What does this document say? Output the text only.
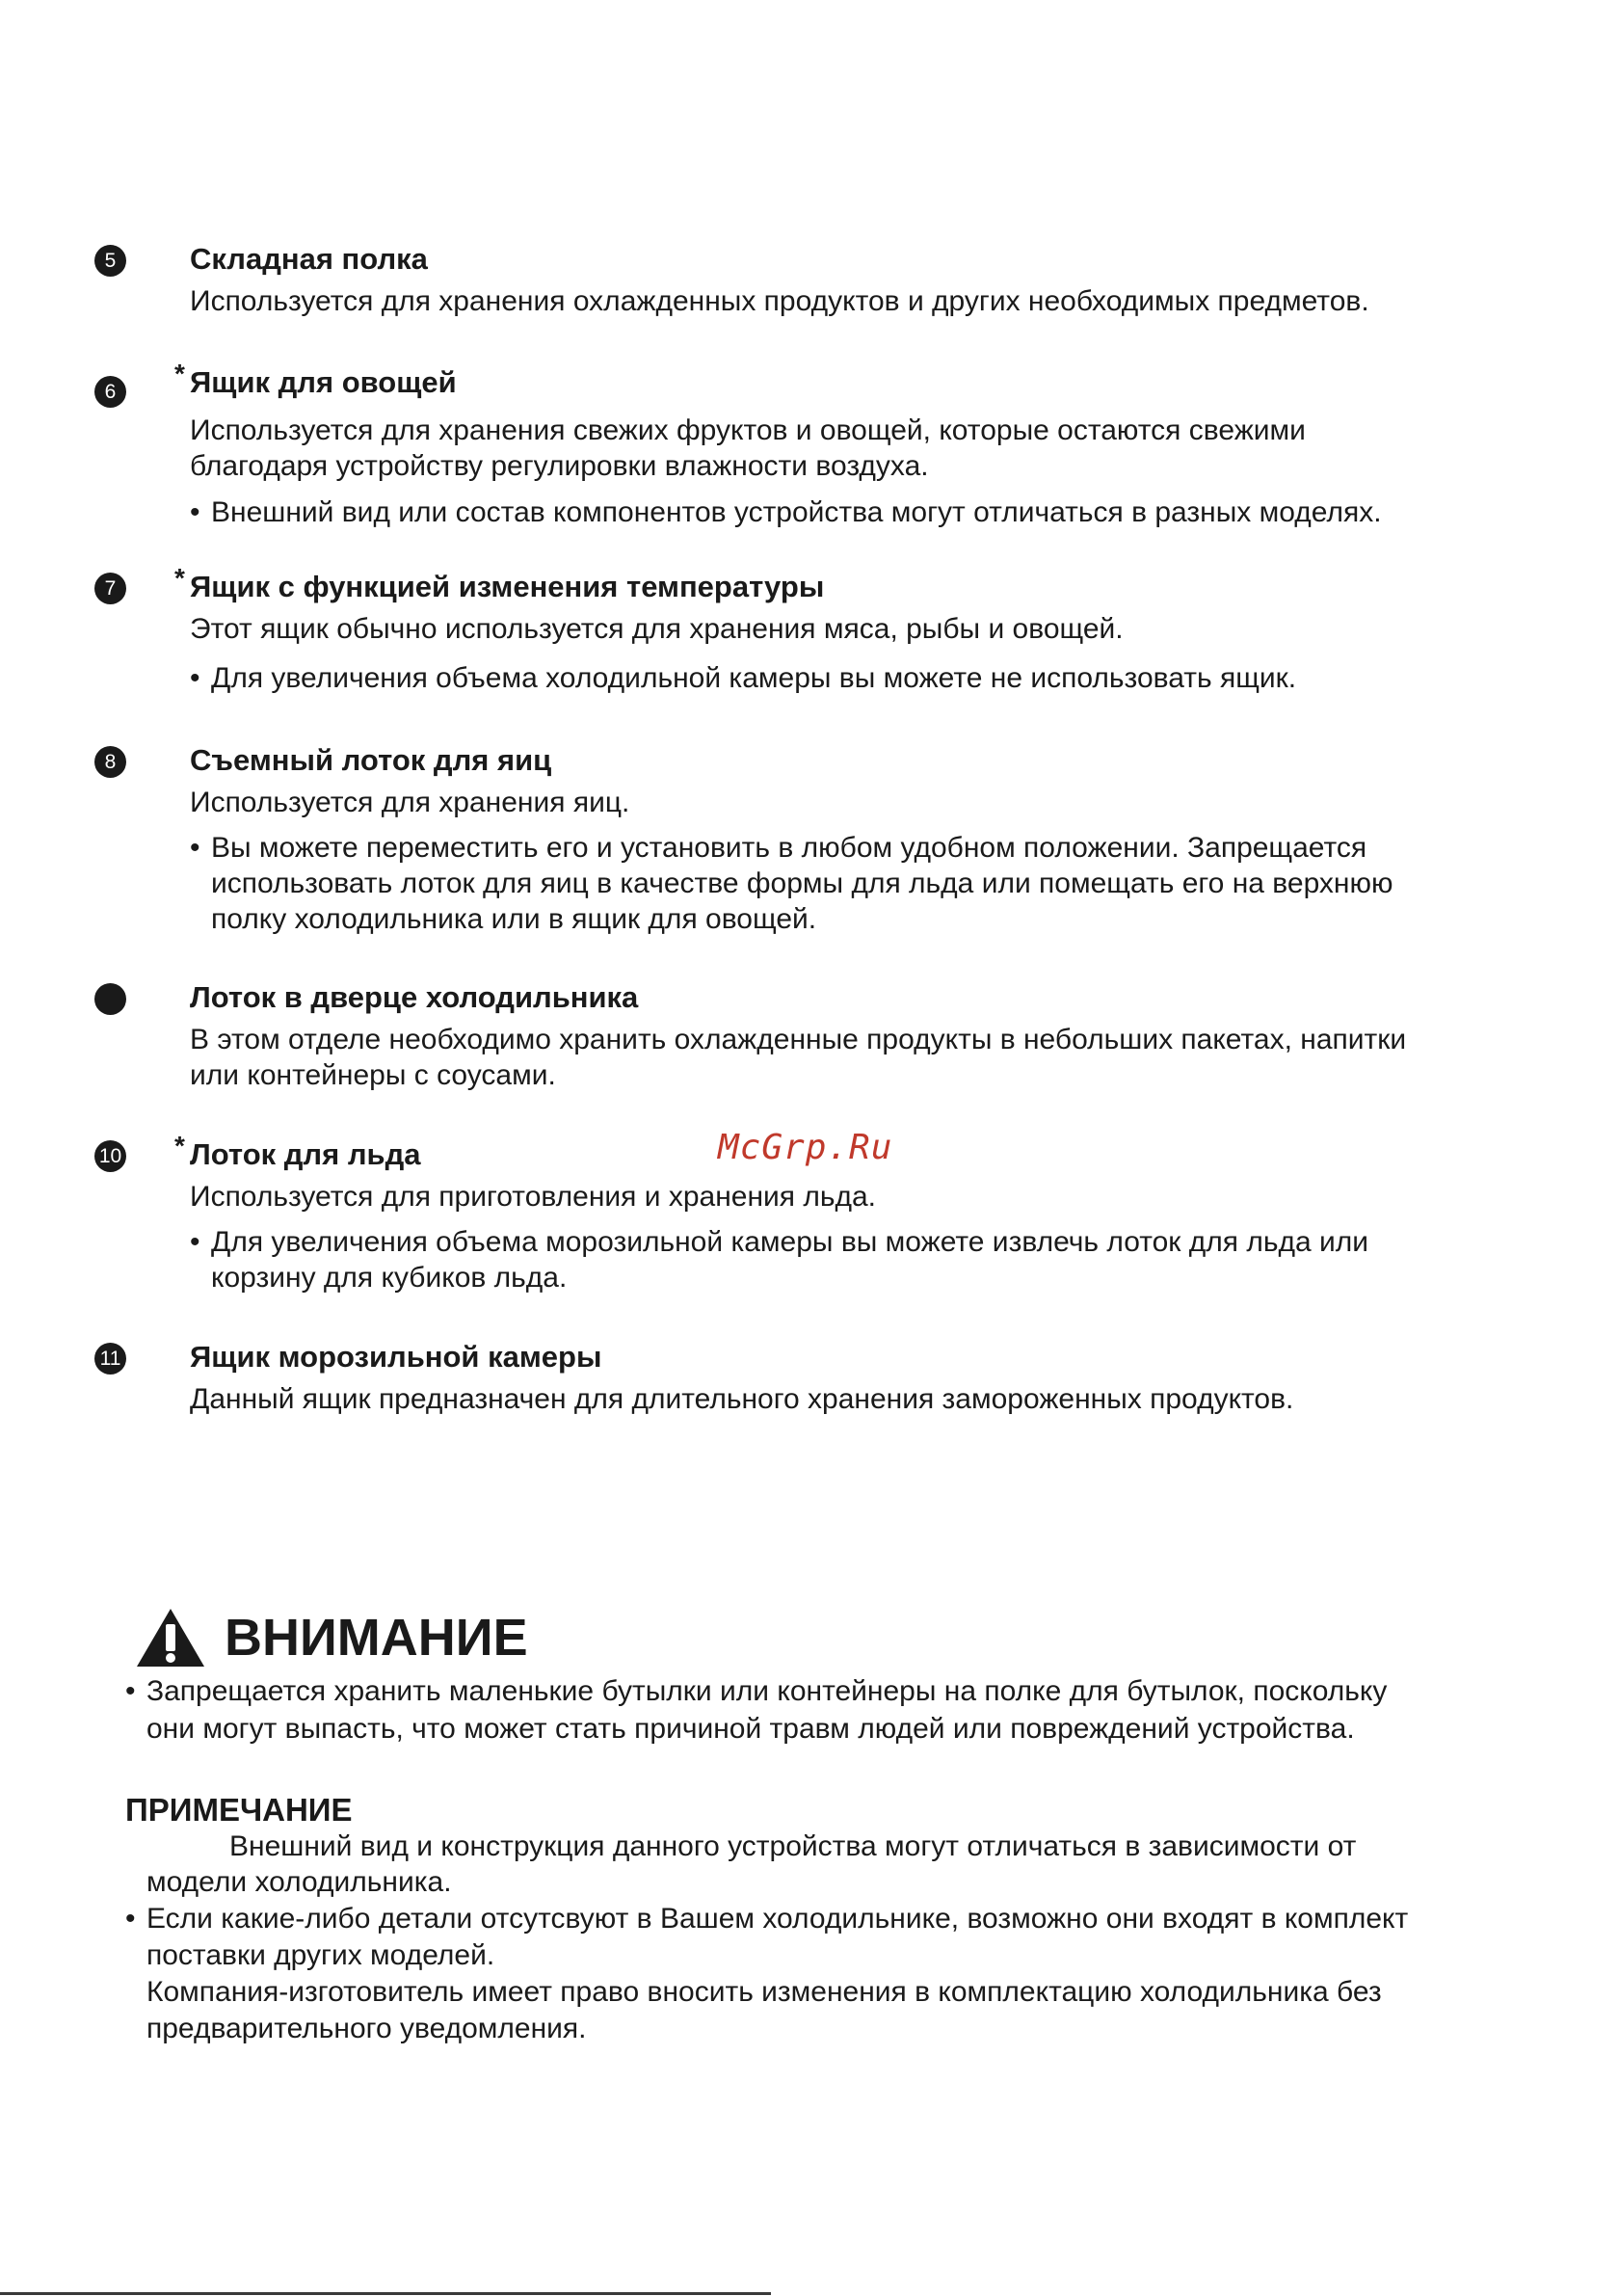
5	Складная полка
Используется для хранения охлажденных продуктов и других необходимых предметов.
6
* Ящик для овощей
Используется для хранения свежих фруктов и овощей, которые остаются свежими
благодаря устройству регулировки влажности воздуха.
• Внешний вид или состав компонентов устройства могут отличаться в разных моделях.
7	* Ящик с функцией изменения температуры
Этот ящик обычно используется для хранения мяса, рыбы и овощей.
• Для увеличения объема холодильной камеры вы можете не использовать ящик.
8	Съемный лоток для яиц
Используется для хранения яиц.
• Вы можете переместить его и установить в любом удобном положении. Запрещается
использовать лоток для яиц в качестве формы для льда или помещать его на верхнюю
полку холодильника или в ящик для овощей.
Лоток в дверце холодильника
В этом отделе необходимо хранить охлажденные продукты в небольших пакетах, напитки
или контейнеры с соусами.
10 * Лоток для льда
Используется для приготовления и хранения льда.
• Для увеличения объема морозильной камеры вы можете извлечь лоток для льда или
корзину для кубиков льда.
11 Ящик морозильной камеры
Данный ящик предназначен для длительного хранения замороженных продуктов.
McGrp.Ru
ВНИМАНИЕ
• Запрещается хранить маленькие бутылки или контейнеры на полке для бутылок, поскольку
они могут выпасть, что может стать причиной травм людей или повреждений устройства.
ПРИМЕЧАНИЕ
Внешний вид и конструкция данного устройства могут отличаться в зависимости от
модели холодильника.
• Если какие-либо детали отсутсвуют в Вашем холодильнике, возможно они входят в комплект
поставки других моделей.
Компания-изготовитель имеет право вносить изменения в комплектацию холодильника без
предварительного уведомления.
